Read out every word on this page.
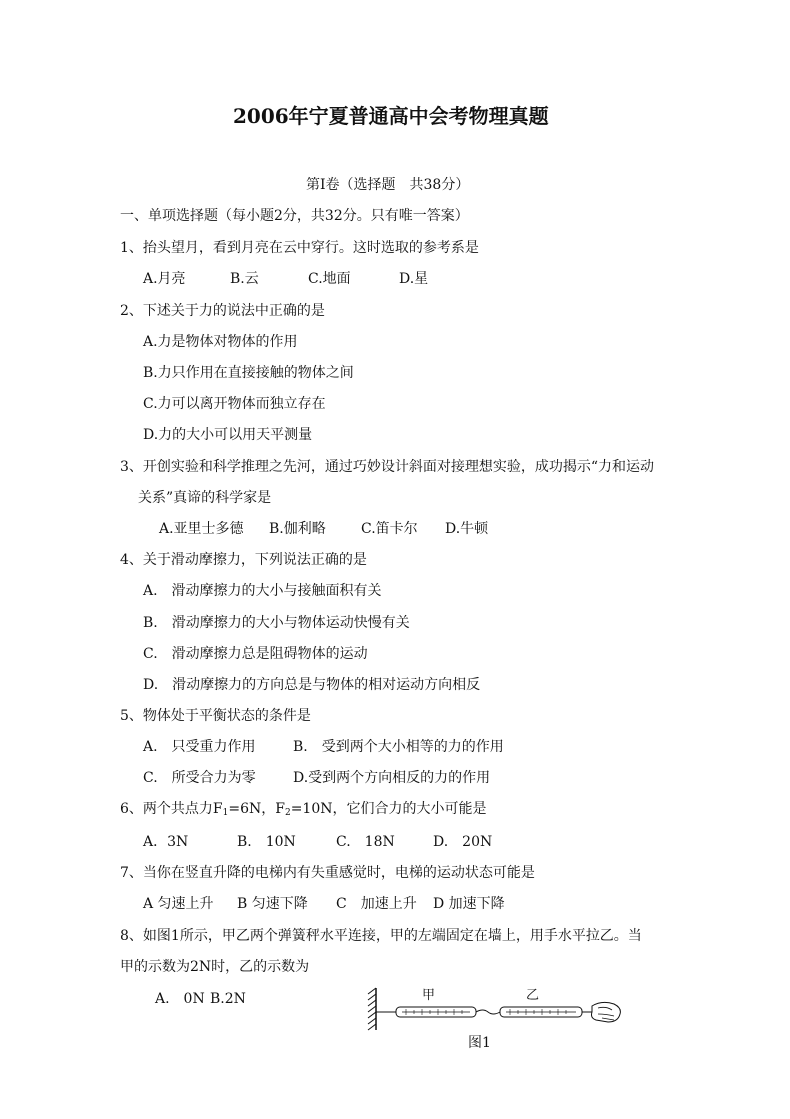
2006年宁夏普通高中会考物理真题
第I卷（选择题　共38分）
一、单项选择题（每小题2分，共32分。只有唯一答案）
1、抬头望月，看到月亮在云中穿行。这时选取的参考系是
A.月亮	B.云	C.地面	D.星
2、下述关于力的说法中正确的是
A.力是物体对物体的作用
B.力只作用在直接接触的物体之间
C.力可以离开物体而独立存在
D.力的大小可以用天平测量
3、开创实验和科学推理之先河，通过巧妙设计斜面对接理想实验，成功揭示“力和运动
关系”真谛的科学家是
A.亚里士多德 B.伽利略	C.笛卡尔 D.牛顿
4、关于滑动摩擦力，下列说法正确的是
A.　滑动摩擦力的大小与接触面积有关
B.　滑动摩擦力的大小与物体运动快慢有关
C.　滑动摩擦力总是阻碍物体的运动
D.　滑动摩擦力的方向总是与物体的相对运动方向相反
5、物体处于平衡状态的条件是
A.　只受重力作用	B.　受到两个大小相等的力的作用
C.　所受合力为零	D.受到两个方向相反的力的作用
6、两个共点力$F_1=6N$，$F_2=10N$，它们合力的大小可能是
A．3N	B.　10N	C.　18N	D.　20N
7、当你在竖直升降的电梯内有失重感觉时，电梯的运动状态可能是
A 匀速上升 B 匀速下降 C　加速上升 D 加速下降
8、如图1所示，甲乙两个弹簧秤水平连接，甲的左端固定在墙上，用手水平拉乙。当
甲的示数为2N时，乙的示数为
A.　0N B.2N	甲	乙
图1
